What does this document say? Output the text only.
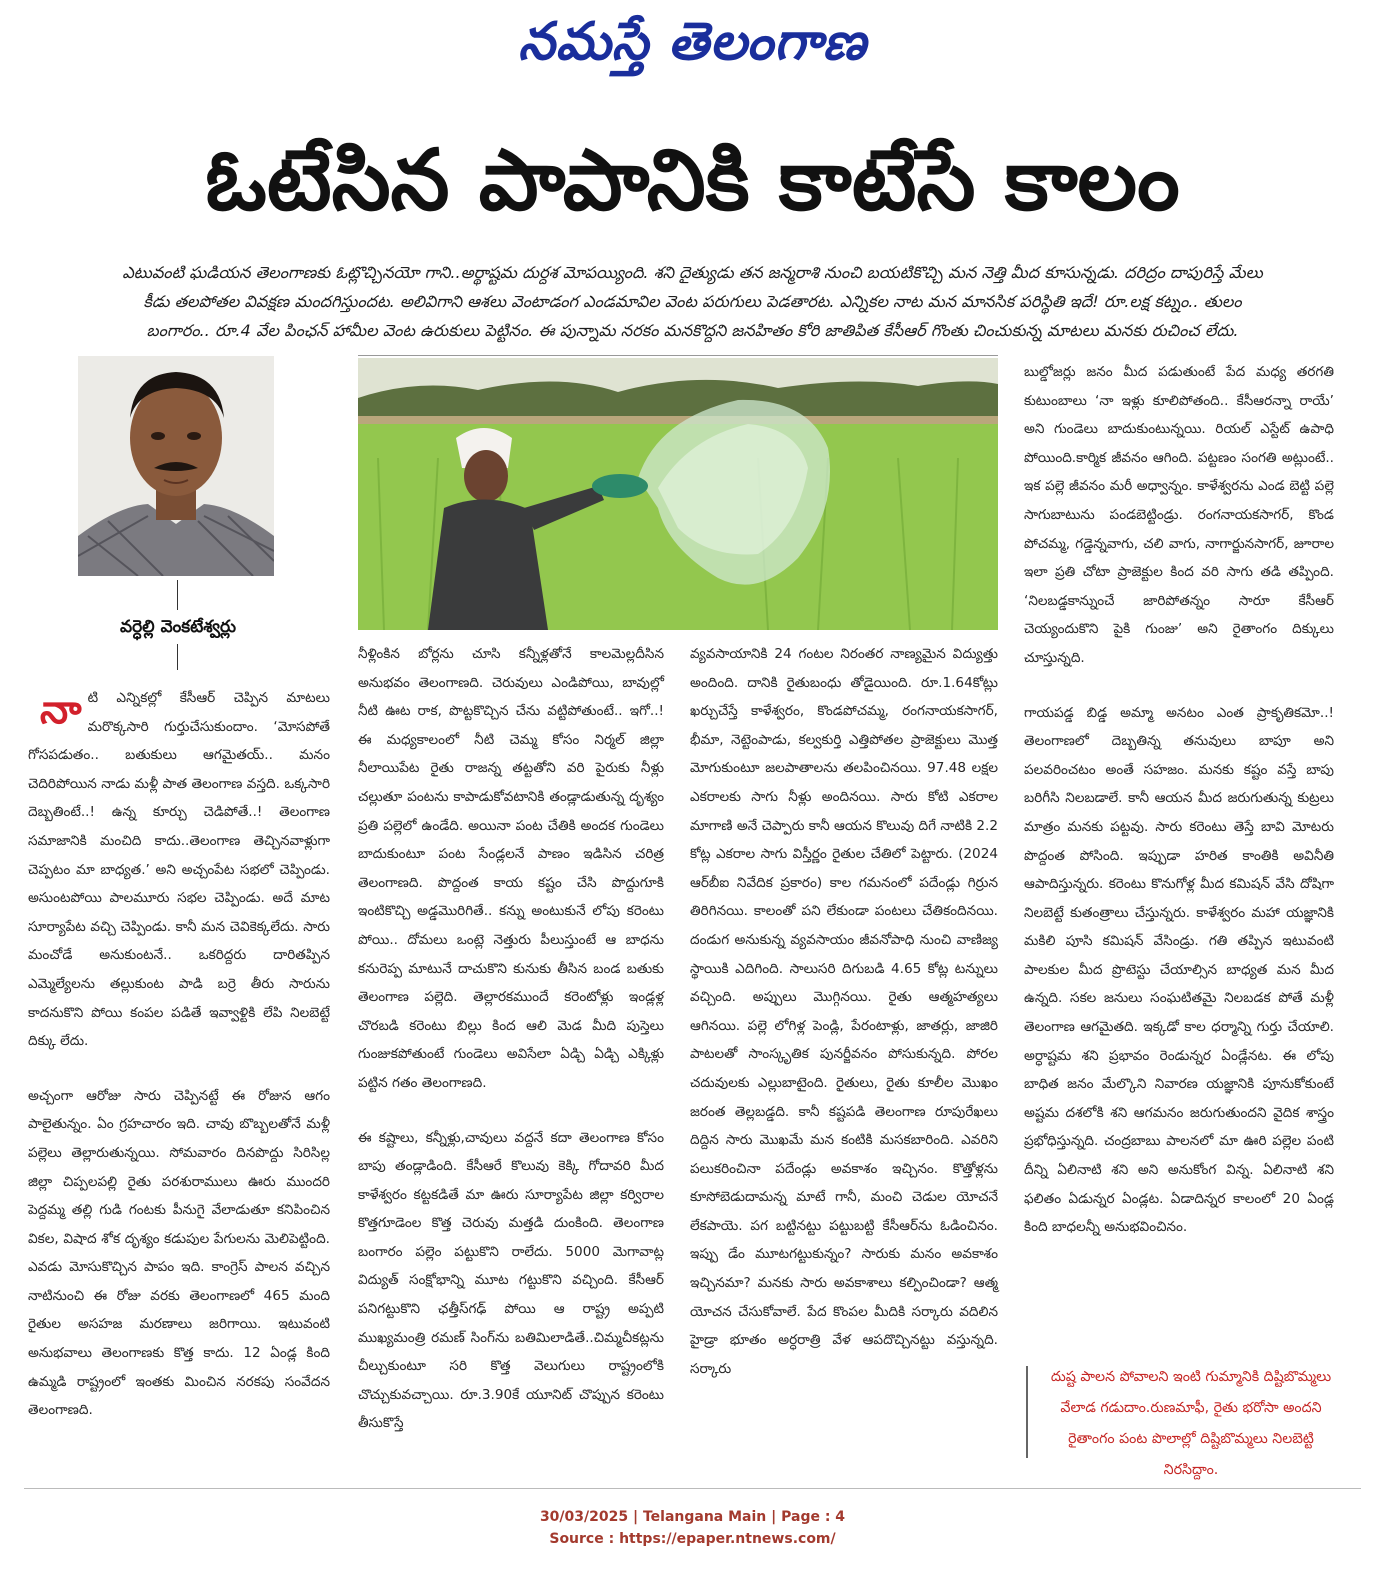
నమస్తే తెలంగాణ
ఓటేసిన పాపానికి కాటేసే కాలం
ఎటువంటి ఘడియన తెలంగాణకు ఓట్లొచ్చినయో గాని..అర్థాష్టమ దుర్దశ మోపయ్యింది. శని దైత్యుడు తన జన్మరాశి నుంచి బయటికొచ్చి మన నెత్తి మీద కూసున్నడు. దరిద్రం దాపురిస్తే మేలు
కీడు తలపోతల వివక్షణ మందగిస్తుందట. అలివిగాని ఆశలు వెంటాడంగ ఎండమావిల వెంట పరుగులు పెడతారట. ఎన్నికల నాట మన మానసిక పరిస్థితి ఇదే! రూ.లక్ష కట్నం.. తులం
బంగారం.. రూ.4 వేల పింఛన్ హామీల వెంట ఉరుకులు పెట్టినం. ఈ పున్నామ నరకం మనకొద్దని జనహితం కోరి జాతిపిత కేసీఆర్ గొంతు చించుకున్న మాటలు మనకు రుచించ లేదు.
వర్ధెల్లి వెంకటేశ్వర్లు

నాటి ఎన్నికల్లో కేసీఆర్ చెప్పిన మాటలు మరొక్కసారి గుర్తుచేసుకుందాం. ‘మోసపోతే గోసపడుతం.. బతుకులు ఆగమైతయ్.. మనం చెదిరిపోయిన నాడు మళ్లీ పాత తెలంగాణ వస్తది. ఒక్కసారి దెబ్బతింటే..! ఉన్న కూర్చు చెడిపోతే..! తెలంగాణ సమాజానికి మంచిది కాదు..తెలంగాణ తెచ్చినవాళ్లుగా చెప్పటం మా బాధ్యత.’ అని అచ్చంపేట సభలో చెప్పిండు. అసుంటపోయి పాలమూరు సభల చెప్పిండు. అదే మాట సూర్యాపేట వచ్చి చెప్పిండు. కానీ మన చెవికెక్కలేదు. సారు మంచోడే అనుకుంటనే.. ఒకరిద్దరు దారితప్పిన ఎమ్మెల్యేలను తల్లుకుంట పాడి బర్రె తీరు సారును కాదనుకొని పోయి కంపల పడితే ఇవ్వాళ్టికి లేపి నిలబెట్టే దిక్కు లేదు.

అచ్చంగా ఆరోజు సారు చెప్పినట్టే ఈ రోజున ఆగం పాలైతున్నం. ఏం గ్రహచారం ఇది. చావు బొబ్బలతోనే మళ్లీ పల్లెలు తెల్లారుతున్నయి. సోమవారం దినపొద్దు సిరిసిల్ల జిల్లా చిప్పలపల్లి రైతు పరశురాములు ఊరు ముందరి పెద్దమ్మ తల్లి గుడి గంటకు పీనుగై వేలాడుతూ కనిపించిన వికల, విషాద శోక దృశ్యం కడుపుల పేగులను మెలిపెట్టింది. ఎవడు మోసుకొచ్చిన పాపం ఇది. కాంగ్రెస్ పాలన వచ్చిన నాటినుంచి ఈ రోజు వరకు తెలంగాణలో 465 మంది రైతుల అసహజ మరణాలు జరిగాయి. ఇటువంటి అనుభవాలు తెలంగాణకు కొత్త కాదు. 12 ఏండ్ల కింది ఉమ్మడి రాష్ట్రంలో ఇంతకు మించిన నరకపు సంవేదన తెలంగాణది.

నీళ్లింకిన బోర్లను చూసి కన్నీళ్లతోనే కాలమెల్లదీసిన అనుభవం తెలంగాణది. చెరువులు ఎండిపోయి, బావుల్లో నీటి ఊట రాక, పొట్టకొచ్చిన చేను వట్టిపోతుంటే.. ఇగో..! ఈ మధ్యకాలంలో నీటి చెమ్మ కోసం నిర్మల్ జిల్లా నీలాయిపేట రైతు రాజన్న తట్టతోని వరి పైరుకు నీళ్లు చల్లుతూ పంటను కాపాడుకోవటానికి తండ్లాడుతున్న దృశ్యం ప్రతి పల్లెలో ఉండేది. అయినా పంట చేతికి అందక గుండెలు బాదుకుంటూ పంట సేండ్లలనే పాణం ఇడిసిన చరిత్ర తెలంగాణది. పొద్దంత కాయ కష్టం చేసి పొద్దుగూకి ఇంటికొచ్చి అడ్డమొరిగితే.. కన్ను అంటుకునే లోపు కరెంటు పోయి.. దోమలు ఒంట్లె నెత్తురు పీలుస్తుంటే ఆ బాధను కనురెప్ప మాటునే దాచుకొని కునుకు తీసిన బండ బతుకు తెలంగాణ పల్లెది. తెల్లారకముందే కరెంటోళ్లు ఇండ్లళ్ల చొరబడి కరెంటు బిల్లు కింద ఆలి మెడ మీది పుస్తెలు గుంజుకపోతుంటే గుండెలు అవిసేలా ఏడ్చి ఏడ్చి ఎక్కిళ్లు పట్టిన గతం తెలంగాణది.

ఈ కష్టాలు, కన్నీళ్లు,చావులు వద్దనే కదా తెలంగాణ కోసం బాపు తండ్లాడింది. కేసీఆరే కొలువు కెక్కి గోదావరి మీద కాళేశ్వరం కట్టకడితే మా ఊరు సూర్యాపేట జిల్లా కర్విరాల కొత్తగూడెంల కొత్త చెరువు మత్తడి దుంకింది. తెలంగాణ బంగారం పల్లెం పట్టుకొని రాలేదు. 5000 మెగావాట్ల విద్యుత్ సంక్షోభాన్ని మూట గట్టుకొని వచ్చింది. కేసీఆర్ పనిగట్టుకొని ఛత్తీస్‌గఢ్ పోయి ఆ రాష్ట్ర అప్పటి ముఖ్యమంత్రి రమణ్ సింగ్‌ను బతిమిలాడితే..చిమ్మచీకట్లను చీల్చుకుంటూ సరి కొత్త వెలుగులు రాష్ట్రంలోకి చొచ్చుకువచ్చాయి. రూ.3.90కే యూనిట్ చొప్పున కరెంటు తీసుకొస్తే

వ్యవసాయానికి 24 గంటల నిరంతర నాణ్యమైన విద్యుత్తు అందింది. దానికి రైతుబంధు తోడైయింది. రూ.1.64కోట్లు ఖర్చుచేస్తే కాళేశ్వరం, కొండపోచమ్మ, రంగనాయకసాగర్, భీమా, నెట్టెంపాడు, కల్వకుర్తి ఎత్తిపోతల ప్రాజెక్టులు మొత్త మోగుకుంటూ జలపాతాలను తలపించినయి. 97.48 లక్షల ఎకరాలకు సాగు నీళ్లు అందినయి. సారు కోటి ఎకరాల మాగాణి అనే చెప్పారు కానీ ఆయన కొలువు దిగే నాటికి 2.2 కోట్ల ఎకరాల సాగు విస్తీర్ణం రైతుల చేతిలో పెట్టారు. (2024 ఆర్‌బీఐ నివేదిక ప్రకారం) కాల గమనంలో పదేండ్లు గిర్రున తిరిగినయి. కాలంతో పని లేకుండా పంటలు చేతికందినయి. దండుగ అనుకున్న వ్యవసాయం జీవనోపాధి నుంచి వాణిజ్య స్థాయికి ఎదిగింది. సాలుసరి దిగుబడి 4.65 కోట్ల టన్నులు వచ్చింది. అప్పులు మొగ్గినయి. రైతు ఆత్మహత్యలు ఆగినయి. పల్లె లోగిళ్ల పెండ్లి, పేరంటాళ్లు, జాతర్లు, జాజిరి పాటలతో సాంస్కృతిక పునర్జీవనం పోసుకున్నది. పోరల చదువులకు ఎల్లుబాటైంది. రైతులు, రైతు కూలీల మొఖం జరంత తెల్లబడ్డది. కానీ కష్టపడి తెలంగాణ రూపురేఖలు దిద్దిన సారు మొఖమే మన కంటికి మసకబారింది. ఎవరిని పలుకరించినా పదేండ్లు అవకాశం ఇచ్చినం. కొత్తోళ్లను కూసోబెడుదామన్న మాటే గానీ, మంచి చెడుల యోచనే లేకపాయె. పగ బట్టినట్టు పట్టుబట్టి కేసీఆర్‌ను ఓడించినం. ఇప్పు డేం మూటగట్టుకున్నం? సారుకు మనం అవకాశం ఇచ్చినమా? మనకు సారు అవకాశాలు కల్పించిండా? ఆత్మ యోచన చేసుకోవాలే. పేద కొంపల మీదికి సర్కారు వదిలిన హైడ్రా భూతం అర్ధరాత్రి వేళ ఆపదొచ్చినట్టు వస్తున్నది. సర్కారు

బుల్డోజర్లు జనం మీద పడుతుంటే పేద మధ్య తరగతి కుటుంబాలు ‘నా ఇళ్లు కూలిపోతంది.. కేసీఆరన్నా రాయే’ అని గుండెలు బాదుకుంటున్నయి. రియల్ ఎస్టేట్ ఉపాధి పోయింది.కార్మిక జీవనం ఆగింది. పట్టణం సంగతి అట్లుంటే.. ఇక పల్లె జీవనం మరీ అధ్వాన్నం. కాళేశ్వరను ఎండ బెట్టి పల్లె సాగుబాటును పండబెట్టిండ్రు. రంగనాయకసాగర్, కొండ పోచమ్మ, గడ్డెన్నవాగు, చలి వాగు, నాగార్జునసాగర్, జూరాల ఇలా ప్రతి చోటా ప్రాజెక్టుల కింద వరి సాగు తడి తప్పింది. ‘నిలబడ్డకాన్నుంచే జారిపోతన్నం సారూ కేసీఆర్ చెయ్యందుకొని పైకి గుంజు’ అని రైతాంగం దిక్కులు చూస్తున్నది.

గాయపడ్డ బిడ్డ అమ్మా అనటం ఎంత ప్రాకృతికమో..! తెలంగాణలో దెబ్బతిన్న తనువులు బాపూ అని పలవరించటం అంతే సహజం. మనకు కష్టం వస్తే బాపు బరిగీసి నిలబడాలే. కానీ ఆయన మీద జరుగుతున్న కుట్రలు మాత్రం మనకు పట్టవు. సారు కరెంటు తెస్తే బావి మోటరు పొద్దంత పోసింది. ఇప్పుడా హరిత కాంతికి అవినీతి ఆపాదిస్తున్నరు. కరెంటు కొనుగోళ్ల మీద కమిషన్ వేసి దోషిగా నిలబెట్టే కుతంత్రాలు చేస్తున్నరు. కాళేశ్వరం మహా యజ్ఞానికి మకిలి పూసి కమిషన్ వేసిండ్రు. గతి తప్పిన ఇటువంటి పాలకుల మీద ప్రొటెస్టు చేయాల్సిన బాధ్యత మన మీద ఉన్నది. సకల జనులు సంఘటితమై నిలబడక పోతే మళ్లీ తెలంగాణ ఆగమైతది. ఇక్కడో కాల ధర్మాన్ని గుర్తు చేయాలి. అర్ధాష్టమ శని ప్రభావం రెండున్నర ఏండ్లేనట. ఈ లోపు బాధిత జనం మేల్కొని నివారణ యజ్ఞానికి పూనుకోకుంటే అష్టమ దశలోకి శని ఆగమనం జరుగుతుందని వైదిక శాస్త్రం ప్రభోధిస్తున్నది. చంద్రబాబు పాలనలో మా ఊరి పల్లెల పంటి దీన్ని ఏలినాటి శని అని అనుకోంగ విన్న. ఏలినాటి శని ఫలితం ఏడున్నర ఏండ్లట. ఏడాదిన్నర కాలంలో 20 ఏండ్ల కింది బాధలన్నీ అనుభవించినం.

దుష్ట పాలన పోవాలని ఇంటి గుమ్మానికి దిష్టిబొమ్మలు వేలాడ గడుదాం.రుణమాఫీ, రైతు భరోసా అందని రైతాంగం పంట పొలాల్లో దిష్టిబొమ్మలు నిలబెట్టి నిరసిద్దాం.
30/03/2025 | Telangana Main | Page : 4
Source : https://epaper.ntnews.com/
